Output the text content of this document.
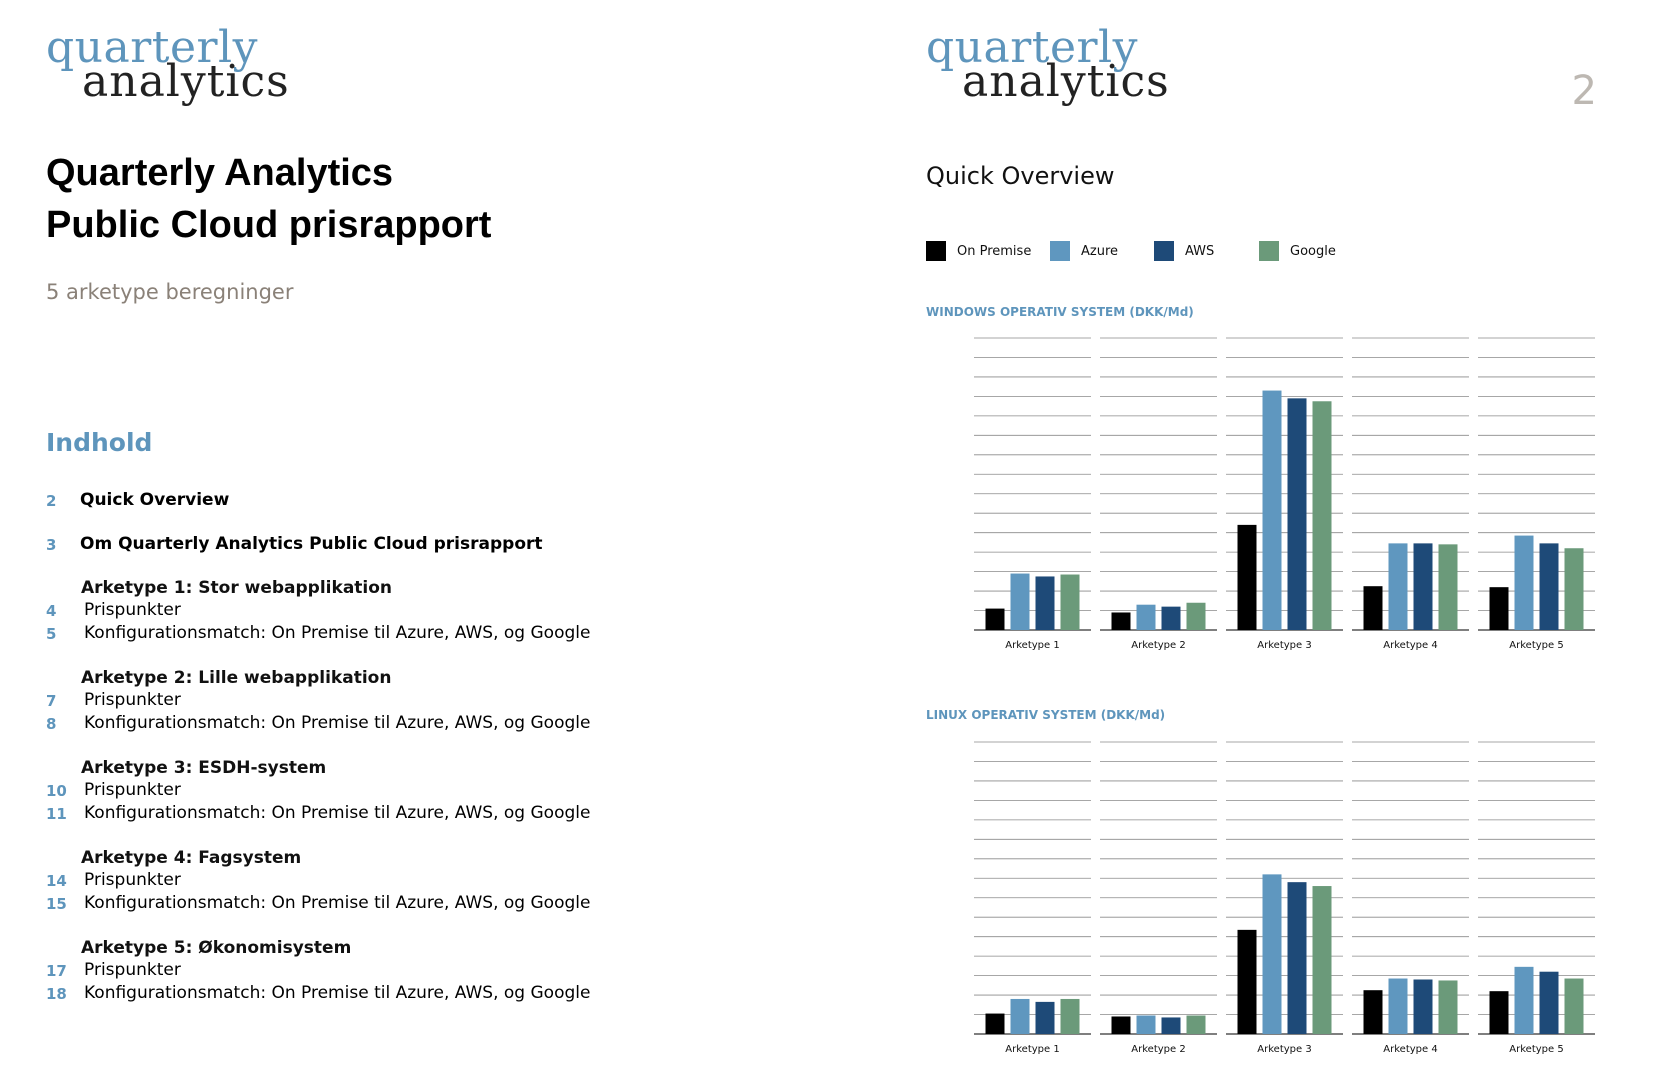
quarterly
analytics
Quarterly Analytics
Public Cloud prisrapport
5 arketype beregninger
Indhold
2	Quick Overview
3	Om Quarterly Analytics Public Cloud prisrapport
Arketype 1: Stor webapplikation
4	Prispunkter
5	Konfigurationsmatch: On Premise til Azure, AWS, og Google
Arketype 2: Lille webapplikation
7	Prispunkter
8	Konfigurationsmatch: On Premise til Azure, AWS, og Google
Arketype 3: ESDH-system
10	Prispunkter
11	Konfigurationsmatch: On Premise til Azure, AWS, og Google
Arketype 4: Fagsystem
14	Prispunkter
15	Konfigurationsmatch: On Premise til Azure, AWS, og Google
Arketype 5: Økonomisystem
17	Prispunkter
18	Konfigurationsmatch: On Premise til Azure, AWS, og Google
quarterly
analytics	2
Quick Overview
On Premise	Azure	AWS	Google
WINDOWS OPERATIV SYSTEM (DKK/Md)
Arketype 1	Arketype 2	Arketype 3	Arketype 4	Arketype 5
LINUX OPERATIV SYSTEM (DKK/Md)
Arketype 1	Arketype 2	Arketype 3	Arketype 4	Arketype 5
